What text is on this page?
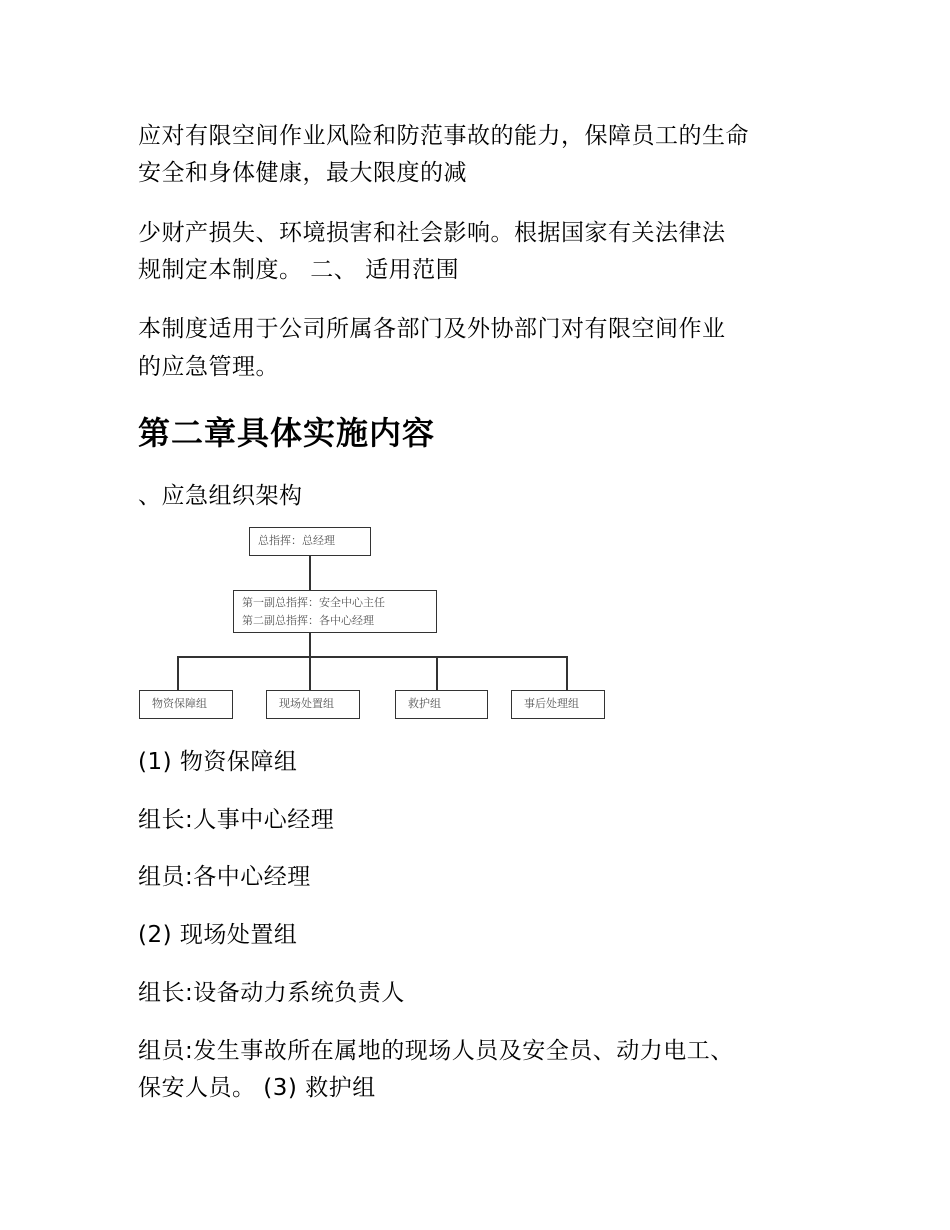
应对有限空间作业风险和防范事故的能力，保障员工的生命

安全和身体健康，最大限度的减

少财产损失、环境损害和社会影响。根据国家有关法律法

规制定本制度。 二、 适用范围

本制度适用于公司所属各部门及外协部门对有限空间作业

的应急管理。

第二章具体实施内容

、应急组织架构

总指挥：总经理
第一副总指挥：安全中心主任
第二副总指挥：各中心经理
物资保障组	现场处置组	救护组	事后处理组

(1) 物资保障组

组长:人事中心经理

组员:各中心经理

(2) 现场处置组

组长:设备动力系统负责人

组员:发生事故所在属地的现场人员及安全员、动力电工、

保安人员。 (3) 救护组
